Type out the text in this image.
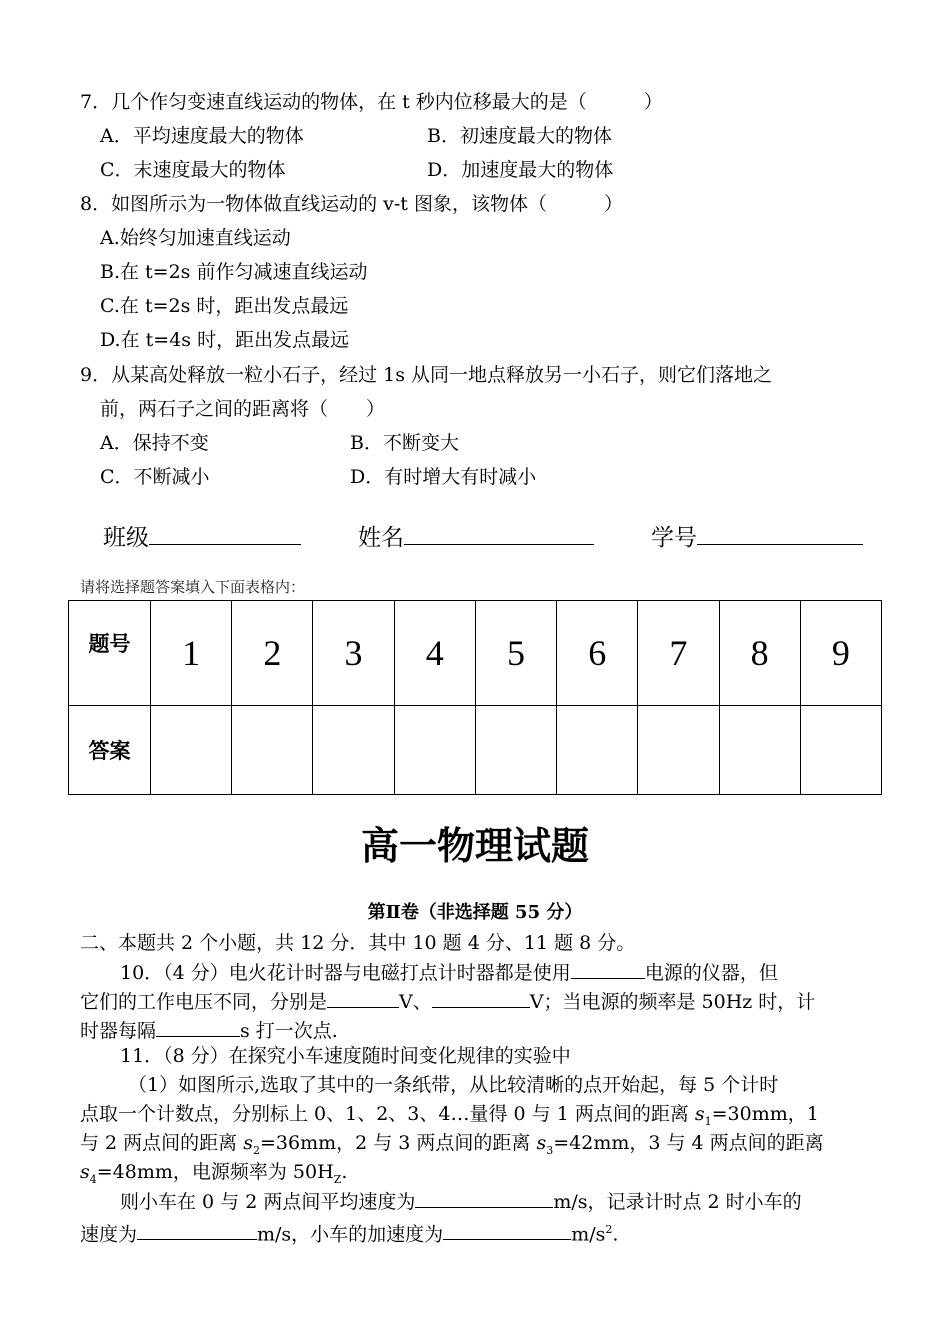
7．几个作匀变速直线运动的物体，在 t 秒内位移最大的是（　　　）
A．平均速度最大的物体	B．初速度最大的物体
C．末速度最大的物体	D．加速度最大的物体
8．如图所示为一物体做直线运动的 v-t 图象，该物体（　　　）
A.始终匀加速直线运动
B.在 t=2s 前作匀减速直线运动
C.在 t=2s 时，距出发点最远
D.在 t=4s 时，距出发点最远
9．从某高处释放一粒小石子，经过 1s 从同一地点释放另一小石子，则它们落地之
前，两石子之间的距离将（　　）
A．保持不变	B．不断变大
C．不断减小	D．有时增大有时减小
班级	姓名	学号
请将选择题答案填入下面表格内：
题号	1	2	3	4	5	6	7	8	9
答案									
高一物理试题
第Ⅱ卷（非选择题 55 分）
二、本题共 2 个小题，共 12 分．其中 10 题 4 分、11 题 8 分。
10．（4 分）电火花计时器与电磁打点计时器都是使用	电源的仪器，但
它们的工作电压不同，分别是	V、	V；当电源的频率是 50Hz 时，计
时器每隔	s 打一次点.
11．（8 分）在探究小车速度随时间变化规律的实验中
（1）如图所示,选取了其中的一条纸带，从比较清晰的点开始起，每 5 个计时
点取一个计数点，分别标上 0、1、2、3、4…量得 0 与 1 两点间的距离 $s_1=30mm$，1
与 2 两点间的距离 $s_2=36mm$，2 与 3 两点间的距离 $s_3=42mm$，3 与 4 两点间的距离
$s_4=48mm$，电源频率为 $50H_Z$.
则小车在 0 与 2 两点间平均速度为	m/s，记录计时点 2 时小车的
速度为	m/s，小车的加速度为	$m/s^2$.
